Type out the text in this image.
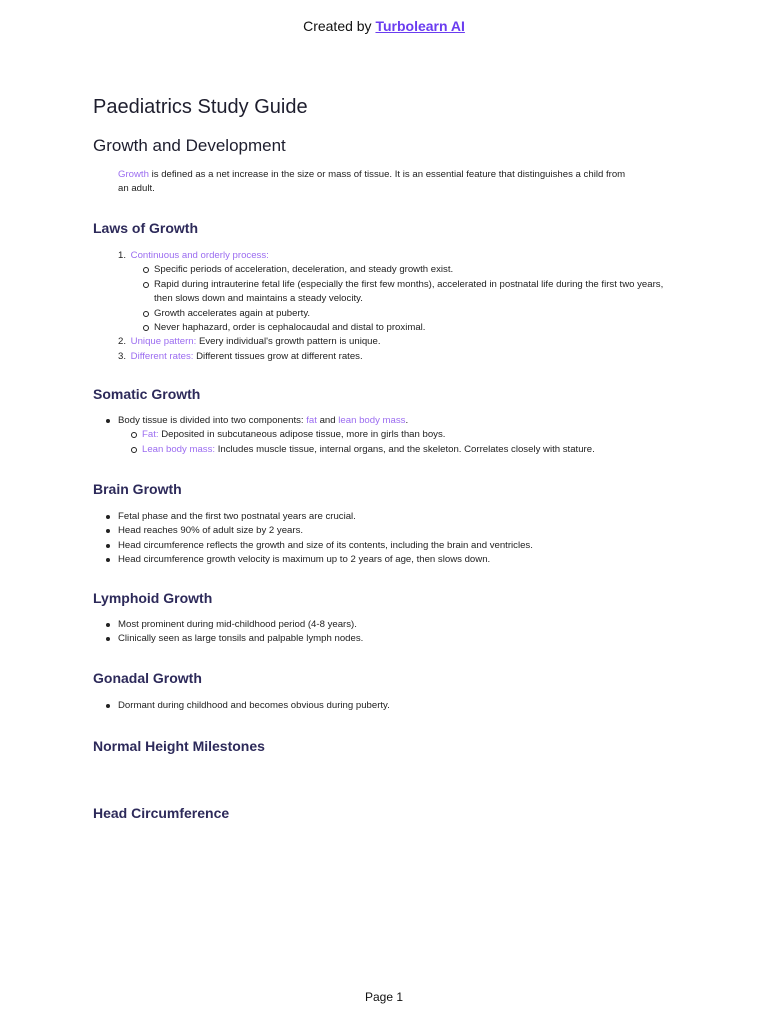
Created by Turbolearn AI
Paediatrics Study Guide
Growth and Development
Growth is defined as a net increase in the size or mass of tissue. It is an essential feature that distinguishes a child from an adult.
Laws of Growth
1. Continuous and orderly process:
Specific periods of acceleration, deceleration, and steady growth exist.
Rapid during intrauterine fetal life (especially the first few months), accelerated in postnatal life during the first two years, then slows down and maintains a steady velocity.
Growth accelerates again at puberty.
Never haphazard, order is cephalocaudal and distal to proximal.
2. Unique pattern: Every individual's growth pattern is unique.
3. Different rates: Different tissues grow at different rates.
Somatic Growth
Body tissue is divided into two components: fat and lean body mass.
Fat: Deposited in subcutaneous adipose tissue, more in girls than boys.
Lean body mass: Includes muscle tissue, internal organs, and the skeleton. Correlates closely with stature.
Brain Growth
Fetal phase and the first two postnatal years are crucial.
Head reaches 90% of adult size by 2 years.
Head circumference reflects the growth and size of its contents, including the brain and ventricles.
Head circumference growth velocity is maximum up to 2 years of age, then slows down.
Lymphoid Growth
Most prominent during mid-childhood period (4-8 years).
Clinically seen as large tonsils and palpable lymph nodes.
Gonadal Growth
Dormant during childhood and becomes obvious during puberty.
Normal Height Milestones
Head Circumference
Page 1
